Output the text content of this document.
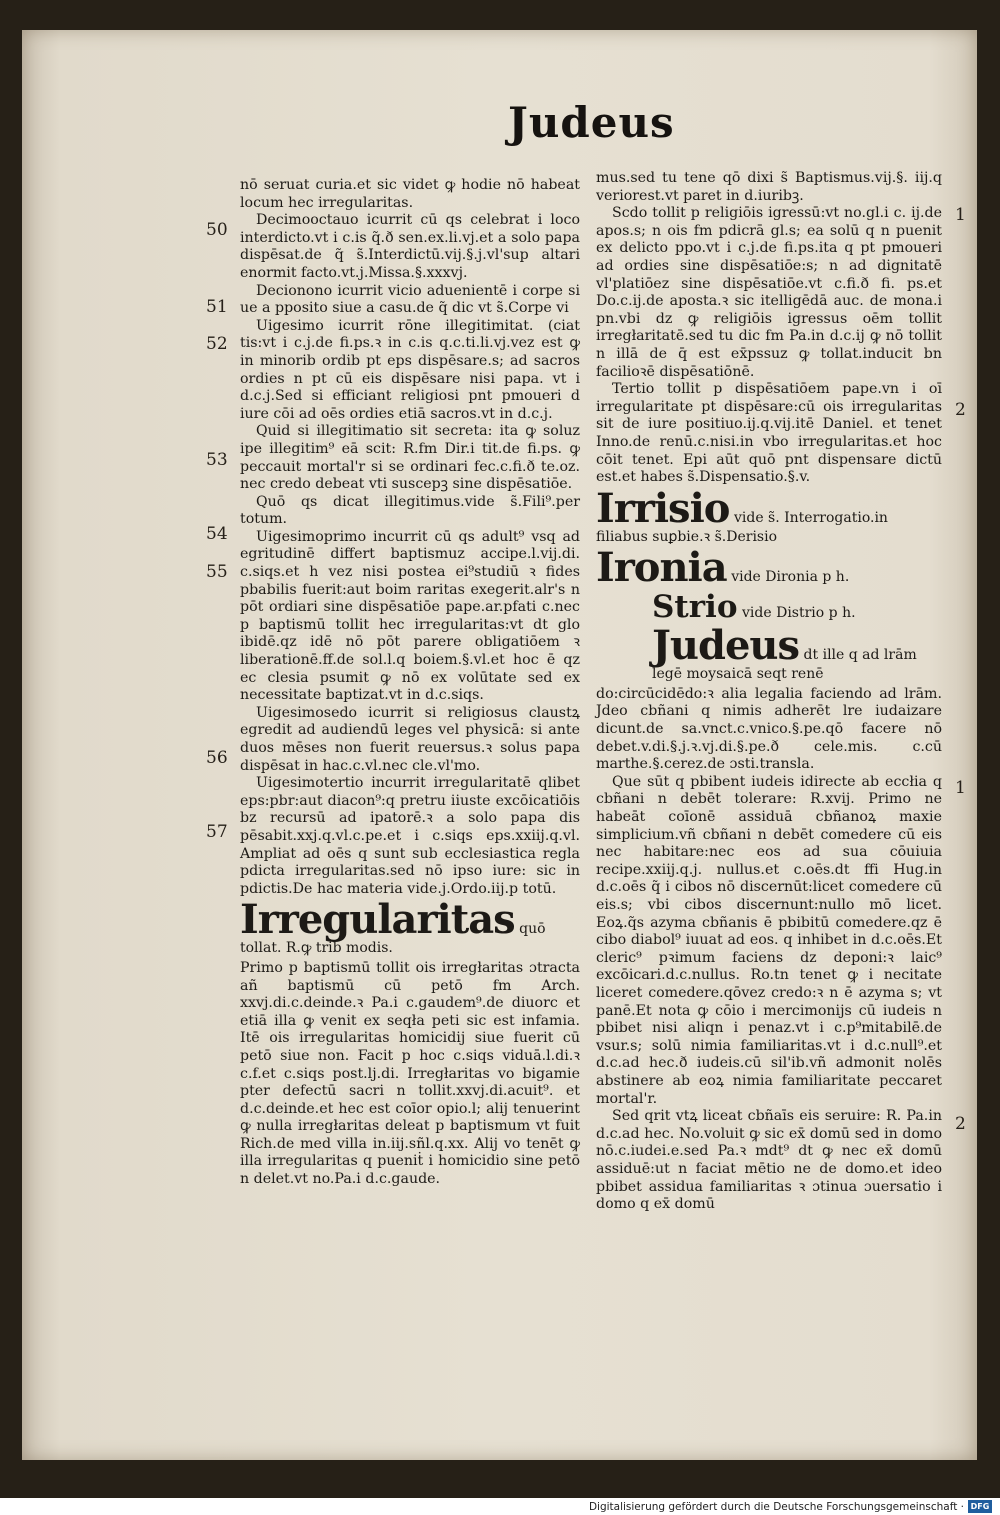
Judeus
50
51
52
53
54
55
56
57
1
2
1
2

nō seruat curia.et sic videt ꝙ hodie nō habeat locum hec irregularitas.

Decimooctauo icurrit cū qs celebrat i loco interdicto.vt i c.is q̃.ð sen.ex.li.vj.et a solo papa dispēsat.de q̃ s̃.Interdictū.vij.§.j.vl'sup altari enormit facto.vt.j.Missa.§.xxxvj.

Decionono icurrit vicio aduenientē i corpe si ue a pposito siue a casu.de q̃ dic vt s̃.Corpe vi

Uigesimo icurrit rōne illegitimitat. (ciat tis:vt i c.j.de fi.ps.ꝛ in c.is q.c.ti.li.vj.vez est ꝙ in minorib ordib pt eps dispēsare.s; ad sacros ordies n pt cū eis dispēsare nisi papa. vt i d.c.j.Sed si efficiant religiosi pnt pmoueri d iure cōi ad oēs ordies etiā sacros.vt in d.c.j.

Quid si illegitimatio sit secreta: ita ꝙ soluz ipe illegitim⁹ eā scit: R.fm Dir.i tit.de fi.ps. ꝙ peccauit mortal'r si se ordinari fec.c.fi.ð te.oz. nec credo debeat vti suscepꝫ sine dispēsatiōe.

Quō qs dicat illegitimus.vide s̃.Fili⁹.per totum.

Uigesimoprimo incurrit cū qs adult⁹ vsq ad egritudinē differt baptismuz accipe.l.vij.di. c.siqs.et h vez nisi postea ei⁹studiū ꝛ fides pbabilis fuerit:aut boim raritas exegerit.alr's n pōt ordiari sine dispēsatiōe pape.ar.pfati c.nec p baptismū tollit hec irregularitas:vt dt glo ibidē.qz idē nō pōt parere obligatiōem ꝛ liberationē.ff.de sol.l.q boiem.§.vl.et hoc ē qz ec clesia psumit ꝙ nō ex volūtate sed ex necessitate baptizat.vt in d.c.siqs.

Uigesimosedo icurrit si religiosus claustꝝ egredit ad audiendū leges vel physicā: si ante duos mēses non fuerit reuersus.ꝛ solus papa dispēsat in hac.c.vl.nec cle.vl'mo.

Uigesimotertio incurrit irregularitatē qlibet eps:pbr:aut diacon⁹:q pretru iiuste excōicatiōis bz recursū ad ipatorē.ꝛ a solo papa dis pēsabit.xxj.q.vl.c.pe.et i c.siqs eps.xxiij.q.vl. Ampliat ad oēs q sunt sub ecclesiastica regla pdicta irregularitas.sed nō ipso iure: sic in pdictis.De hac materia vide.j.Ordo.iij.p totū.

Irregularitas quō tollat. R.ꝙ trib modis.

Primo p baptismū tollit ois irregłaritas ɔtracta añ baptismū cū petō fm Arch. xxvj.di.c.deinde.ꝛ Pa.i c.gaudem⁹.de diuorc et etiā illa ꝙ venit ex seqła peti sic est infamia. Itē ois irregularitas homicidij siue fuerit cū petō siue non. Facit p hoc c.siqs viduā.l.di.ꝛ c.f.et c.siqs post.lj.di. Irregłaritas vo bigamie pter defectū sacri n tollit.xxvj.di.acuit⁹. et d.c.deinde.et hec est coīor opio.l; alij tenuerint ꝙ nulla irregłaritas deleat p baptismum vt fuit Rich.de med villa in.iij.sñl.q.xx. Alij vo tenēt ꝙ illa irregularitas q pueniṫ i homicidio sine petō n delet.vt no.Pa.i d.c.gaude.

mus.sed tu tene qō dixi s̃ Baptismus.vij.§. iij.q veriorest.vt paret in d.iuribꝫ.

Scdo tollit p religiōis igressū:vt no.gl.i c. ij.de apos.s; n ois fm pdicrā gl.s; ea solū q n puenit ex delicto ppo.vt i c.j.de fi.ps.ita q pt pmoueri ad ordies sine dispēsatiōe:s; n ad dignitatē vl'platiōez sine dispēsatiōe.vt c.fi.ð fi. ps.et Do.c.ij.de aposta.ꝛ sic itelligēdā auc. de mona.i pn.vbi dz ꝙ religiōis igressus oēm tollit irregłaritatē.sed tu dic fm Pa.in d.c.ij ꝙ nō tollit n illā de q̄ est ex̄pssuz ꝙ tollat.inducit bn facilioꝛē dispēsatiōnē.

Tertio tollit p dispēsatiōem pape.vn i oī irregularitate pt dispēsare:cū ois irregularitas sit de iure positiuo.ij.q.vij.itē Daniel. et tenet Inno.de renū.c.nisi.in vbo irregularitas.et hoc cōit tenet. Epi aūt quō pnt dispensare dictū est.et habes s̃.Dispensatio.§.v.

Irrisio vide s̃. Interrogatio.in filiabus suꝑbie.ꝛ s̃.Derisio
Ironia vide Dironia p h.
Strio vide Distrio p h.
Judeus dt ille q ad lrām legē moysaicā seqt renē

do:circūcidēdo:ꝛ alia legalia faciendo ad lrām. Jdeo cbñani q nimis adherēt lre iudaizare dicunt.de sa.vnct.c.vnico.§.pe.qō facere nō debet.v.di.§.j.ꝛ.vj.di.§.pe.ð cele.mis. c.cū marthe.§.cerez.de ɔsti.transla.

Que sūt q pbibent iudeis idirecte ab eccłia q cbñani n debēt tolerare: R.xvij. Primo ne habeāt coīonē assiduā cbñanoꝝ maxie simplicium.vñ cbñani n debēt comedere cū eis nec habitare:nec eos ad sua cōuiuia recipe.xxiij.q.j. nullus.et c.oēs.dt ffi Hug.in d.c.oēs q̃ i cibos nō discernūt:licet comedere cū eis.s; vbi cibos discernunt:nullo mō licet. Eoꝝ.q̃s azyma cbñanis ē pbibitū comedere.qz ē cibo diabol⁹ iuuat ad eos. q inhibet in d.c.oēs.Et cleric⁹ pꝛimum faciens dz deponi:ꝛ laic⁹ excōicari.d.c.nullus. Ro.tn tenet ꝙ i necitate liceret comedere.qōvez credo:ꝛ n ē azyma s; vt panē.Et nota ꝙ cōio i mercimonijs cū iudeis n pbibet nisi aliqn i penaz.vt i c.p⁹mitabilē.de vsur.s; solū nimia familiaritas.vt i d.c.null⁹.et d.c.ad hec.ð iudeis.cū sil'ib.vñ admonit nolēs abstinere ab eoꝝ nimia familiaritate peccaret mortal'r.

Sed qrit vtꝝ liceat cbñaīs eis seruire: R. Pa.in d.c.ad hec. No.voluit ꝙ sic ex̄ domū sed in domo nō.c.iudei.e.sed Pa.ꝛ mdt⁹ dt ꝙ nec ex̄ domū assiduē:ut n faciat mētio ne de domo.et ideo pbibet assidua familiaritas ꝛ ɔtinua ɔuersatio i domo q ex̄ domū

Digitalisierung gefördert durch die Deutsche Forschungsgemeinschaft · DFG
